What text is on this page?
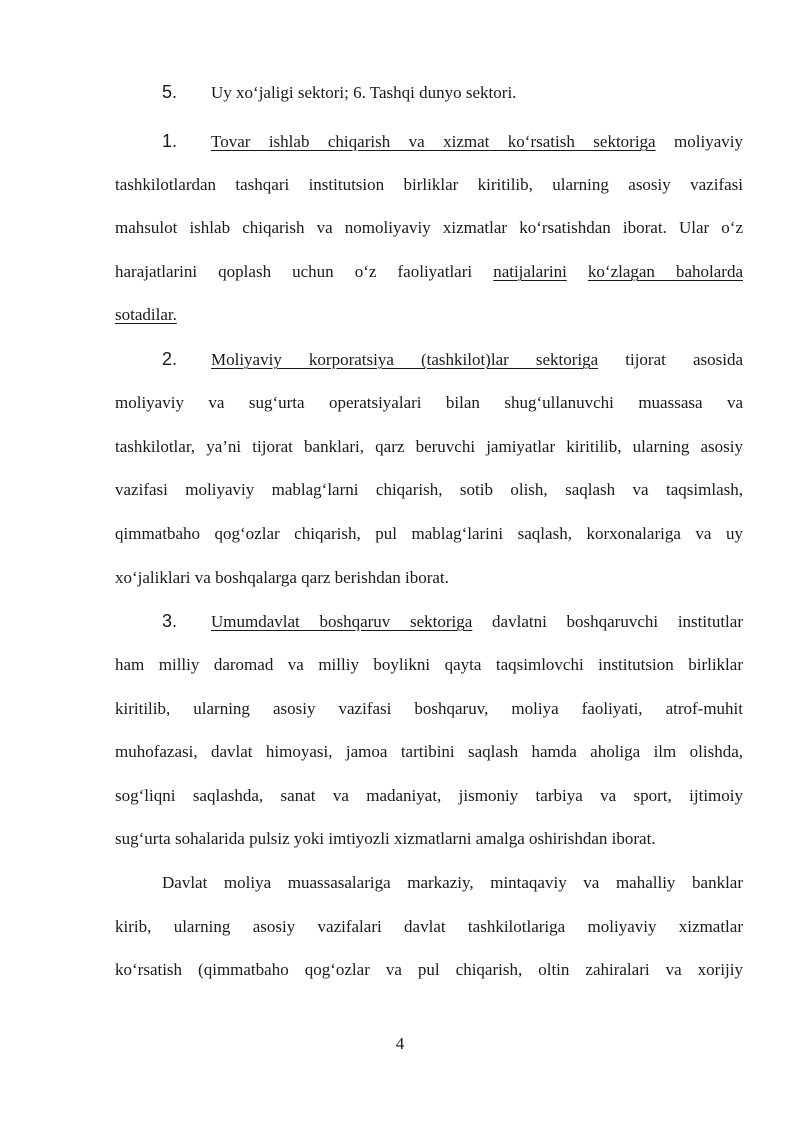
5. Uy xo‘jaligi sektori; 6. Tashqi dunyo sektori.
1. Tovar ishlab chiqarish va xizmat ko‘rsatish sektoriga moliyaviy
tashkilotlardan tashqari institutsion birliklar kiritilib, ularning asosiy vazifasi
mahsulot ishlab chiqarish va nomoliyaviy xizmatlar ko‘rsatishdan iborat. Ular o‘z
harajatlarini qoplash uchun o‘z faoliyatlari natijalarini ko‘zlagan baholarda
sotadilar.
2. Moliyaviy korporatsiya (tashkilot)lar sektoriga tijorat asosida
moliyaviy va sug‘urta operatsiyalari bilan shug‘ullanuvchi muassasa va
tashkilotlar, ya’ni tijorat banklari, qarz beruvchi jamiyatlar kiritilib, ularning asosiy
vazifasi moliyaviy mablag‘larni chiqarish, sotib olish, saqlash va taqsimlash,
qimmatbaho qog‘ozlar chiqarish, pul mablag‘larini saqlash, korxonalariga va uy
xo‘jaliklari va boshqalarga qarz berishdan iborat.
3. Umumdavlat boshqaruv sektoriga davlatni boshqaruvchi institutlar
ham milliy daromad va milliy boylikni qayta taqsimlovchi institutsion birliklar
kiritilib, ularning asosiy vazifasi boshqaruv, moliya faoliyati, atrof-muhit
muhofazasi, davlat himoyasi, jamoa tartibini saqlash hamda aholiga ilm olishda,
sog‘liqni saqlashda, sanat va madaniyat, jismoniy tarbiya va sport, ijtimoiy
sug‘urta sohalarida pulsiz yoki imtiyozli xizmatlarni amalga oshirishdan iborat.
Davlat moliya muassasalariga markaziy, mintaqaviy va mahalliy banklar
kirib, ularning asosiy vazifalari davlat tashkilotlariga moliyaviy xizmatlar
ko‘rsatish (qimmatbaho qog‘ozlar va pul chiqarish, oltin zahiralari va xorijiy
4
